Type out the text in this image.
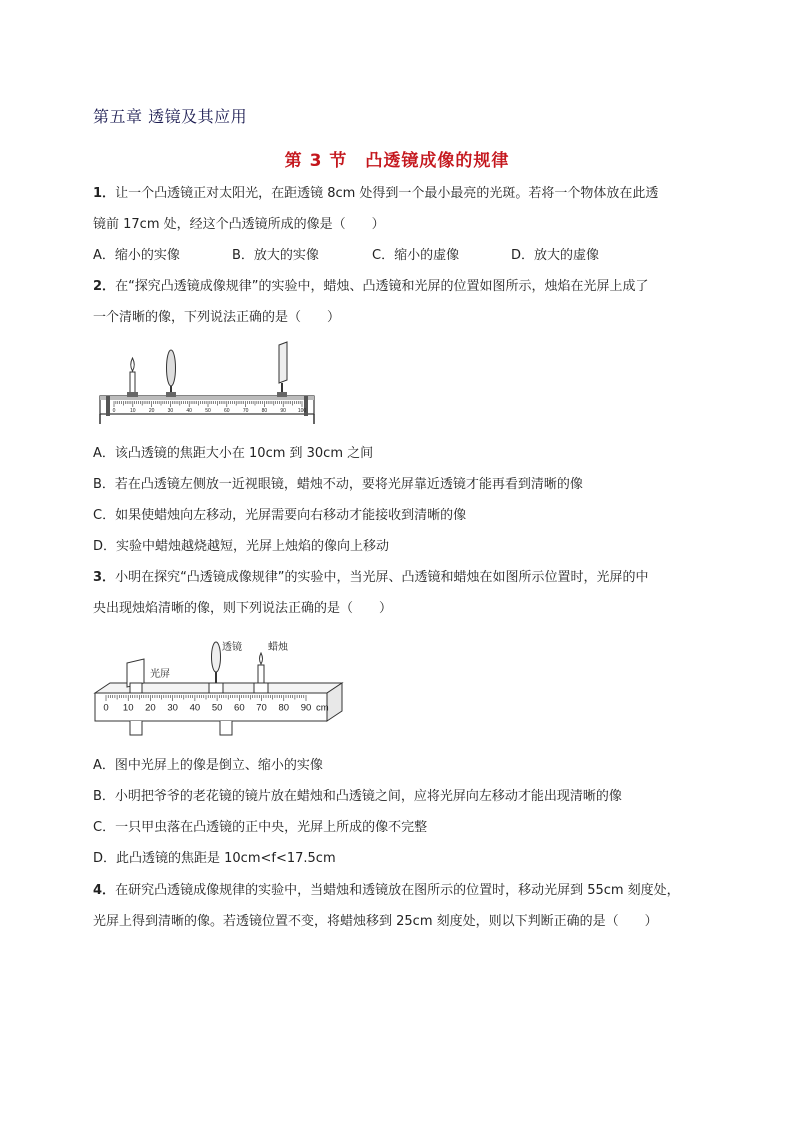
第五章 透镜及其应用
第 3 节　凸透镜成像的规律
1．让一个凸透镜正对太阳光，在距透镜 8cm 处得到一个最小最亮的光斑。若将一个物体放在此透
镜前 17cm 处，经这个凸透镜所成的像是（　　）
A．缩小的实像	B．放大的实像	C．缩小的虚像	D．放大的虚像
2．在“探究凸透镜成像规律”的实验中，蜡烛、凸透镜和光屏的位置如图所示，烛焰在光屏上成了
一个清晰的像，下列说法正确的是（　　）
0	10	20	30	40	50	60	70	80	90 100
A．该凸透镜的焦距大小在 10cm 到 30cm 之间
B．若在凸透镜左侧放一近视眼镜，蜡烛不动，要将光屏靠近透镜才能再看到清晰的像
C．如果使蜡烛向左移动，光屏需要向右移动才能接收到清晰的像
D．实验中蜡烛越烧越短，光屏上烛焰的像向上移动
3．小明在探究“凸透镜成像规律”的实验中，当光屏、凸透镜和蜡烛在如图所示位置时，光屏的中
央出现烛焰清晰的像，则下列说法正确的是（　　）
光屏
透镜	蜡烛
0 10 20 30 40 50 60 70 80 90 cm
A．图中光屏上的像是倒立、缩小的实像
B．小明把爷爷的老花镜的镜片放在蜡烛和凸透镜之间，应将光屏向左移动才能出现清晰的像
C．一只甲虫落在凸透镜的正中央，光屏上所成的像不完整
D．此凸透镜的焦距是 10cm<f<17.5cm
4．在研究凸透镜成像规律的实验中，当蜡烛和透镜放在图所示的位置时，移动光屏到 55cm 刻度处，
光屏上得到清晰的像。若透镜位置不变，将蜡烛移到 25cm 刻度处，则以下判断正确的是（　　）
